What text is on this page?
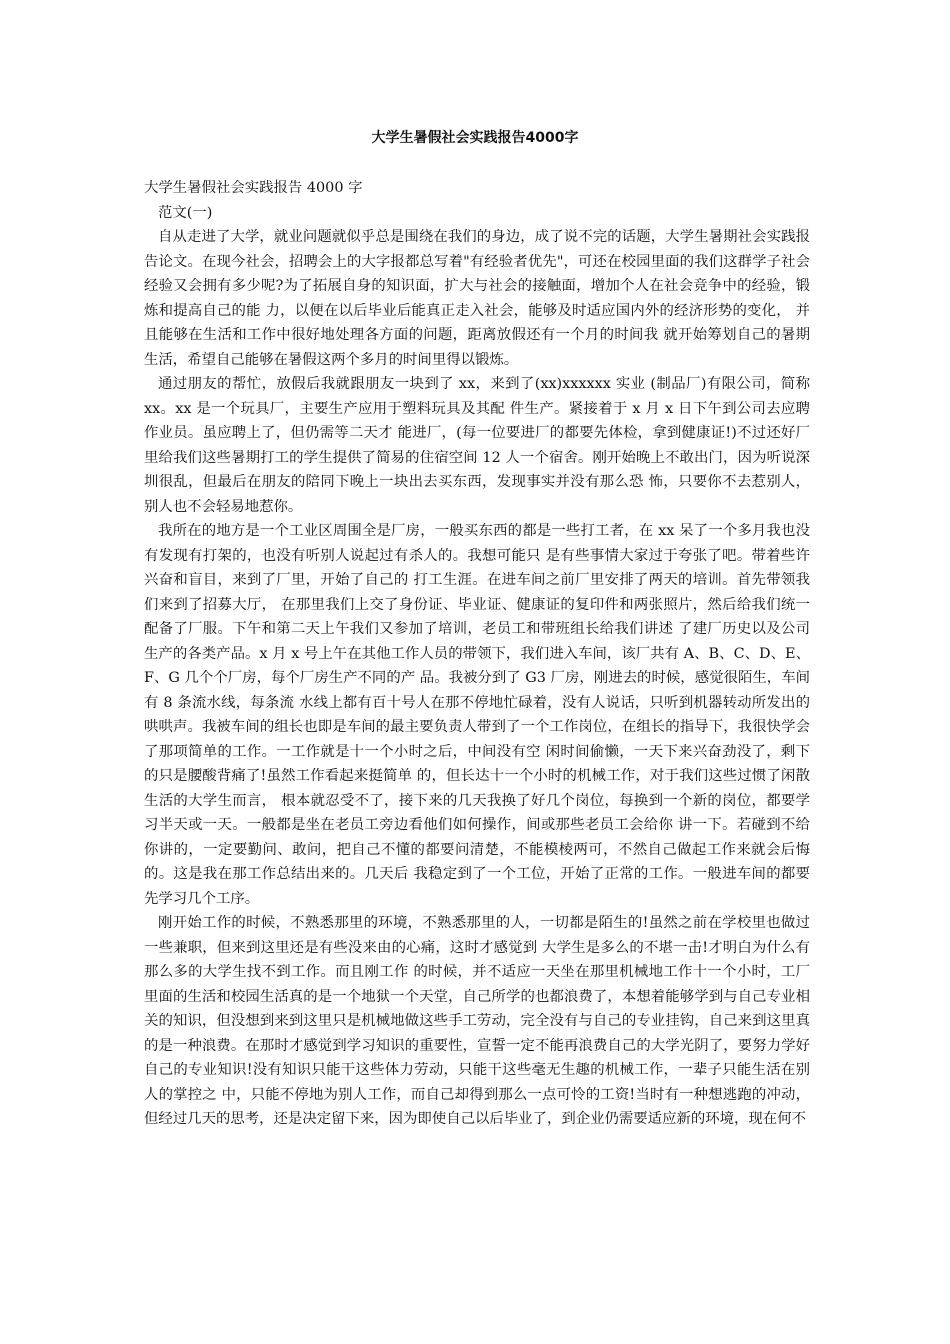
大学生暑假社会实践报告4000字

大学生暑假社会实践报告 4000 字

范文(一)

自从走进了大学，就业问题就似乎总是围绕在我们的身边，成了说不完的话题，大学生暑期社会实践报告论文。在现今社会，招聘会上的大字报都总写着"有经验者优先"，可还在校园里面的我们这群学子社会经验又会拥有多少呢?为了拓展自身的知识面，扩大与社会的接触面，增加个人在社会竞争中的经验，锻炼和提高自己的能 力，以便在以后毕业后能真正走入社会，能够及时适应国内外的经济形势的变化， 并且能够在生活和工作中很好地处理各方面的问题，距离放假还有一个月的时间我 就开始筹划自己的暑期生活，希望自己能够在暑假这两个多月的时间里得以锻炼。

通过朋友的帮忙，放假后我就跟朋友一块到了 xx，来到了(xx)xxxxxx 实业 (制品厂)有限公司，简称 xx。xx 是一个玩具厂，主要生产应用于塑料玩具及其配 件生产。紧接着于 x 月 x 日下午到公司去应聘作业员。虽应聘上了，但仍需等二天才 能进厂，(每一位要进厂的都要先体检，拿到健康证!)不过还好厂里给我们这些暑期打工的学生提供了简易的住宿空间 12 人一个宿舍。刚开始晚上不敢出门，因为听说深圳很乱，但最后在朋友的陪同下晚上一块出去买东西，发现事实并没有那么恐 怖，只要你不去惹别人，别人也不会轻易地惹你。

我所在的地方是一个工业区周围全是厂房，一般买东西的都是一些打工者，在 xx 呆了一个多月我也没有发现有打架的，也没有听别人说起过有杀人的。我想可能只 是有些事情大家过于夸张了吧。带着些许兴奋和盲目，来到了厂里，开始了自己的 打工生涯。在进车间之前厂里安排了两天的培训。首先带领我们来到了招募大厅， 在那里我们上交了身份证、毕业证、健康证的复印件和两张照片，然后给我们统一 配备了厂服。下午和第二天上午我们又参加了培训，老员工和带班组长给我们讲述 了建厂历史以及公司生产的各类产品。x 月 x 号上午在其他工作人员的带领下，我们进入车间，该厂共有 A、B、C、D、E、F、G 几个个厂房，每个厂房生产不同的产 品。我被分到了 G3 厂房，刚进去的时候，感觉很陌生，车间有 8 条流水线，每条流 水线上都有百十号人在那不停地忙碌着，没有人说话，只听到机器转动所发出的哄哄声。我被车间的组长也即是车间的最主要负责人带到了一个工作岗位，在组长的指导下，我很快学会了那项简单的工作。一工作就是十一个小时之后，中间没有空 闲时间偷懒，一天下来兴奋劲没了，剩下的只是腰酸背痛了!虽然工作看起来挺简单 的，但长达十一个小时的机械工作，对于我们这些过惯了闲散生活的大学生而言， 根本就忍受不了，接下来的几天我换了好几个岗位，每换到一个新的岗位，都要学 习半天或一天。一般都是坐在老员工旁边看他们如何操作，间或那些老员工会给你 讲一下。若碰到不给你讲的，一定要勤问、敢问，把自己不懂的都要问清楚，不能模棱两可，不然自己做起工作来就会后悔的。这是我在那工作总结出来的。几天后 我稳定到了一个工位，开始了正常的工作。一般进车间的都要先学习几个工序。

刚开始工作的时候，不熟悉那里的环境，不熟悉那里的人，一切都是陌生的!虽然之前在学校里也做过一些兼职，但来到这里还是有些没来由的心痛，这时才感觉到 大学生是多么的不堪一击!才明白为什么有那么多的大学生找不到工作。而且刚工作 的时候，并不适应一天坐在那里机械地工作十一个小时，工厂里面的生活和校园生活真的是一个地狱一个天堂，自己所学的也都浪费了，本想着能够学到与自己专业相关的知识，但没想到来到这里只是机械地做这些手工劳动，完全没有与自己的专业挂钩，自己来到这里真的是一种浪费。在那时才感觉到学习知识的重要性，宣誓一定不能再浪费自己的大学光阴了，要努力学好自己的专业知识!没有知识只能干这些体力劳动，只能干这些毫无生趣的机械工作，一辈子只能生活在别人的掌控之 中，只能不停地为别人工作，而自己却得到那么一点可怜的工资!当时有一种想逃跑的冲动，但经过几天的思考，还是决定留下来，因为即使自己以后毕业了，到企业仍需要适应新的环境，现在何不
